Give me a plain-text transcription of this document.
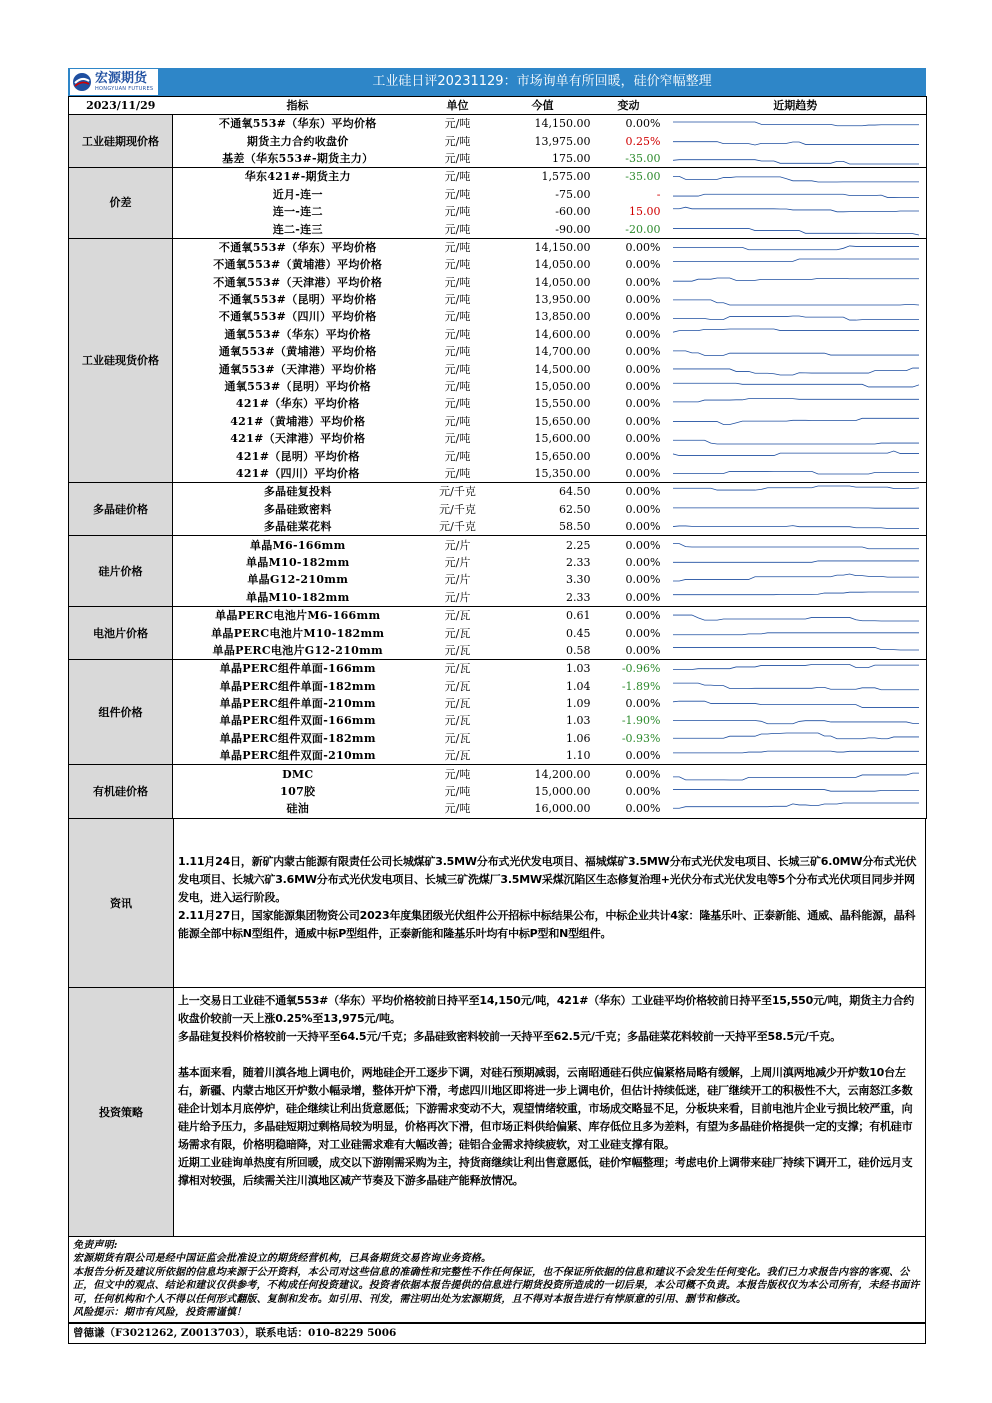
宏源期货
HONGYUAN FUTURES	工业硅日评20231129：市场询单有所回暖，硅价窄幅整理
2023/11/29	指标	单位	今值	变动	近期趋势
工业硅期现价格	不通氧553#（华东）平均价格	元/吨	14,150.00	0.00%	

	期货主力合约收盘价	元/吨	13,975.00	0.25%	

	基差（华东553#-期货主力）	元/吨	175.00	-35.00	

价差	华东421#-期货主力	元/吨	1,575.00	-35.00	

	近月-连一	元/吨	-75.00	-	

	连一-连二	元/吨	-60.00	15.00	

	连二-连三	元/吨	-90.00	-20.00	

工业硅现货价格	不通氧553#（华东）平均价格	元/吨	14,150.00	0.00%	

	不通氧553#（黄埔港）平均价格	元/吨	14,050.00	0.00%	

	不通氧553#（天津港）平均价格	元/吨	14,050.00	0.00%	

	不通氧553#（昆明）平均价格	元/吨	13,950.00	0.00%	

	不通氧553#（四川）平均价格	元/吨	13,850.00	0.00%	

	通氧553#（华东）平均价格	元/吨	14,600.00	0.00%	

	通氧553#（黄埔港）平均价格	元/吨	14,700.00	0.00%	

	通氧553#（天津港）平均价格	元/吨	14,500.00	0.00%	

	通氧553#（昆明）平均价格	元/吨	15,050.00	0.00%	

	421#（华东）平均价格	元/吨	15,550.00	0.00%	

	421#（黄埔港）平均价格	元/吨	15,650.00	0.00%	

	421#（天津港）平均价格	元/吨	15,600.00	0.00%	

	421#（昆明）平均价格	元/吨	15,650.00	0.00%	

	421#（四川）平均价格	元/吨	15,350.00	0.00%	

多晶硅价格	多晶硅复投料	元/千克	64.50	0.00%	

	多晶硅致密料	元/千克	62.50	0.00%	

	多晶硅菜花料	元/千克	58.50	0.00%	

硅片价格	单晶M6-166mm	元/片	2.25	0.00%	

	单晶M10-182mm	元/片	2.33	0.00%	

	单晶G12-210mm	元/片	3.30	0.00%	

	单晶M10-182mm	元/片	2.33	0.00%	

电池片价格	单晶PERC电池片M6-166mm	元/瓦	0.61	0.00%	

	单晶PERC电池片M10-182mm	元/瓦	0.45	0.00%	

	单晶PERC电池片G12-210mm	元/瓦	0.58	0.00%	

组件价格	单晶PERC组件单面-166mm	元/瓦	1.03	-0.96%	

	单晶PERC组件单面-182mm	元/瓦	1.04	-1.89%	

	单晶PERC组件单面-210mm	元/瓦	1.09	0.00%	

	单晶PERC组件双面-166mm	元/瓦	1.03	-1.90%	

	单晶PERC组件双面-182mm	元/瓦	1.06	-0.93%	

	单晶PERC组件双面-210mm	元/瓦	1.10	0.00%	

有机硅价格	DMC	元/吨	14,200.00	0.00%	

	107胶	元/吨	15,000.00	0.00%	

	硅油	元/吨	16,000.00	0.00%	
资讯

1.11月24日，新矿内蒙古能源有限责任公司长城煤矿3.5MW分布式光伏发电项目、福城煤矿3.5MW分布式光伏发电项目、长城三矿6.0MW分布式光伏发电项目、长城六矿3.6MW分布式光伏发电项目、长城三矿洗煤厂3.5MW采煤沉陷区生态修复治理+光伏分布式光伏发电等5个分布式光伏项目同步并网发电，进入运行阶段。

2.11月27日，国家能源集团物资公司2023年度集团级光伏组件公开招标中标结果公布，中标企业共计4家：隆基乐叶、正泰新能、通威、晶科能源，晶科能源全部中标N型组件，通威中标P型组件，正泰新能和隆基乐叶均有中标P型和N型组件。

投资策略

上一交易日工业硅不通氧553#（华东）平均价格较前日持平至14,150元/吨，421#（华东）工业硅平均价格较前日持平至15,550元/吨，期货主力合约收盘价较前一天上涨0.25%至13,975元/吨。

多晶硅复投料价格较前一天持平至64.5元/千克；多晶硅致密料较前一天持平至62.5元/千克；多晶硅菜花料较前一天持平至58.5元/千克。

基本面来看，随着川滇各地上调电价，两地硅企开工逐步下调，对硅石预期减弱，云南昭通硅石供应偏紧格局略有缓解，上周川滇两地减少开炉数10台左右，新疆、内蒙古地区开炉数小幅录增，整体开炉下滑，考虑四川地区即将进一步上调电价，但估计持续低迷，硅厂继续开工的积极性不大，云南怒江多数硅企计划本月底停炉，硅企继续让利出货意愿低；下游需求变动不大，观望情绪较重，市场成交略显不足，分板块来看，目前电池片企业亏损比较严重，向硅片给予压力，多晶硅短期过剩格局较为明显，价格再次下滑，但市场正料供给偏紧、库存低位且多为差料，有望为多晶硅价格提供一定的支撑；有机硅市场需求有限，价格明稳暗降，对工业硅需求难有大幅改善；硅铝合金需求持续疲软，对工业硅支撑有限。

近期工业硅询单热度有所回暖，成交以下游刚需采购为主，持货商继续让利出售意愿低，硅价窄幅整理；考虑电价上调带来硅厂持续下调开工，硅价远月支撑相对较强，后续需关注川滇地区减产节奏及下游多晶硅产能释放情况。

免责声明:

宏源期货有限公司是经中国证监会批准设立的期货经营机构，已具备期货交易咨询业务资格。

本报告分析及建议所依据的信息均来源于公开资料，本公司对这些信息的准确性和完整性不作任何保证，也不保证所依据的信息和建议不会发生任何变化。我们已力求报告内容的客观、公正，但文中的观点、结论和建议仅供参考，不构成任何投资建议。投资者依据本报告提供的信息进行期货投资所造成的一切后果，本公司概不负责。本报告版权仅为本公司所有，未经书面许可，任何机构和个人不得以任何形式翻版、复制和发布。如引用、刊发，需注明出处为宏源期货，且不得对本报告进行有悖原意的引用、删节和修改。

风险提示：期市有风险，投资需谨慎！

曾德谦（F3021262, Z0013703），联系电话：010-8229 5006
